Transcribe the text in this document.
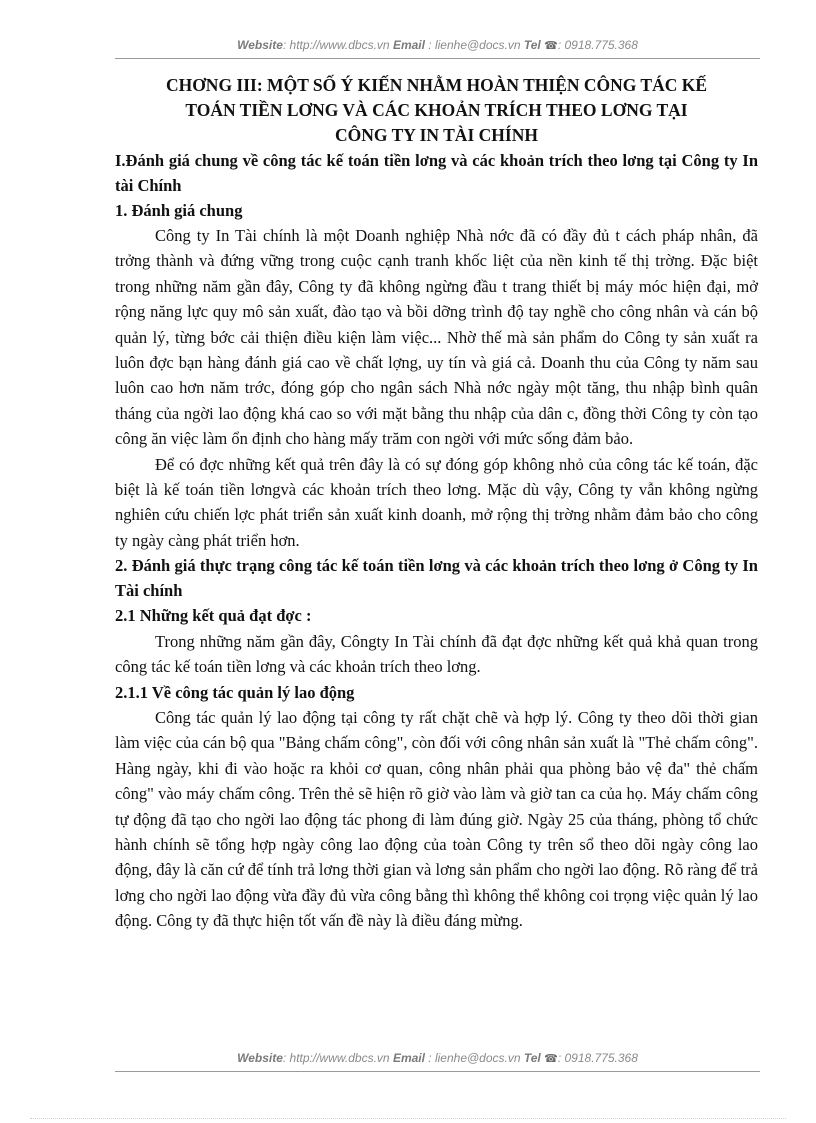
Website: http://www.dbcs.vn Email : lienhe@docs.vn Tel ☎: 0918.775.368
CHƠNG III: MỘT SỐ Ý KIẾN NHẰM HOÀN THIỆN CÔNG TÁC KẾ
TOÁN TIỀN LƠNG VÀ CÁC KHOẢN TRÍCH THEO LƠNG TẠI
CÔNG TY IN TÀI CHÍNH

I.Đánh giá chung về công tác kế toán tiền lơng và các khoản trích theo lơng tại Công ty In tài Chính

1. Đánh giá chung

Công ty In Tài chính là một Doanh nghiệp Nhà nớc đã có đầy đủ t cách pháp nhân, đã trởng thành và đứng vững trong cuộc cạnh tranh khốc liệt của nền kinh tế thị trờng. Đặc biệt trong những năm gần đây, Công ty đã không ngừng đầu t trang thiết bị máy móc hiện đại, mở rộng năng lực quy mô sản xuất, đào tạo và bồi dỡng trình độ tay nghề cho công nhân và cán bộ quản lý, từng bớc cải thiện điều kiện làm việc... Nhờ thế mà sản phẩm do Công ty sản xuất ra luôn đợc bạn hàng đánh giá cao về chất lợng, uy tín và giá cả. Doanh thu của Công ty năm sau luôn cao hơn năm trớc, đóng góp cho ngân sách Nhà nớc ngày một tăng, thu nhập bình quân tháng của ngời lao động khá cao so với mặt bằng thu nhập của dân c, đồng thời Công ty còn tạo công ăn việc làm ổn định cho hàng mấy trăm con ngời với mức sống đảm bảo.

Để có đợc những kết quả trên đây là có sự đóng góp không nhỏ của công tác kế toán, đặc biệt là kế toán tiền lơngvà các khoản trích theo lơng. Mặc dù vậy, Công ty vẫn không ngừng nghiên cứu chiến lợc phát triển sản xuất kinh doanh, mở rộng thị trờng nhằm đảm bảo cho công ty ngày càng phát triển hơn.

2. Đánh giá thực trạng công tác kế toán tiền lơng và các khoản trích theo lơng ở Công ty In Tài chính

2.1 Những kết quả đạt đợc :

Trong những năm gần đây, Côngty In Tài chính đã đạt đợc những kết quả khả quan trong công tác kế toán tiền lơng và các khoản trích theo lơng.

2.1.1 Về công tác quản lý lao động

Công tác quản lý lao động tại công ty rất chặt chẽ và hợp lý. Công ty theo dõi thời gian làm việc của cán bộ qua "Bảng chấm công", còn đối với công nhân sản xuất là "Thẻ chấm công". Hàng ngày, khi đi vào hoặc ra khỏi cơ quan, công nhân phải qua phòng bảo vệ đa" thẻ chấm công" vào máy chấm công. Trên thẻ sẽ hiện rõ giờ vào làm và giờ tan ca của họ. Máy chấm công tự động đã tạo cho ngời lao động tác phong đi làm đúng giờ. Ngày 25 của tháng, phòng tổ chức hành chính sẽ tổng hợp ngày công lao động của toàn Công ty trên sổ theo dõi ngày công lao động, đây là căn cứ để tính trả lơng thời gian và lơng sản phẩm cho ngời lao động. Rõ ràng để trả lơng cho ngời lao động vừa đầy đủ vừa công bằng thì không thể không coi trọng việc quản lý lao động. Công ty đã thực hiện tốt vấn đề này là điều đáng mừng.

Website: http://www.dbcs.vn Email : lienhe@docs.vn Tel ☎: 0918.775.368
